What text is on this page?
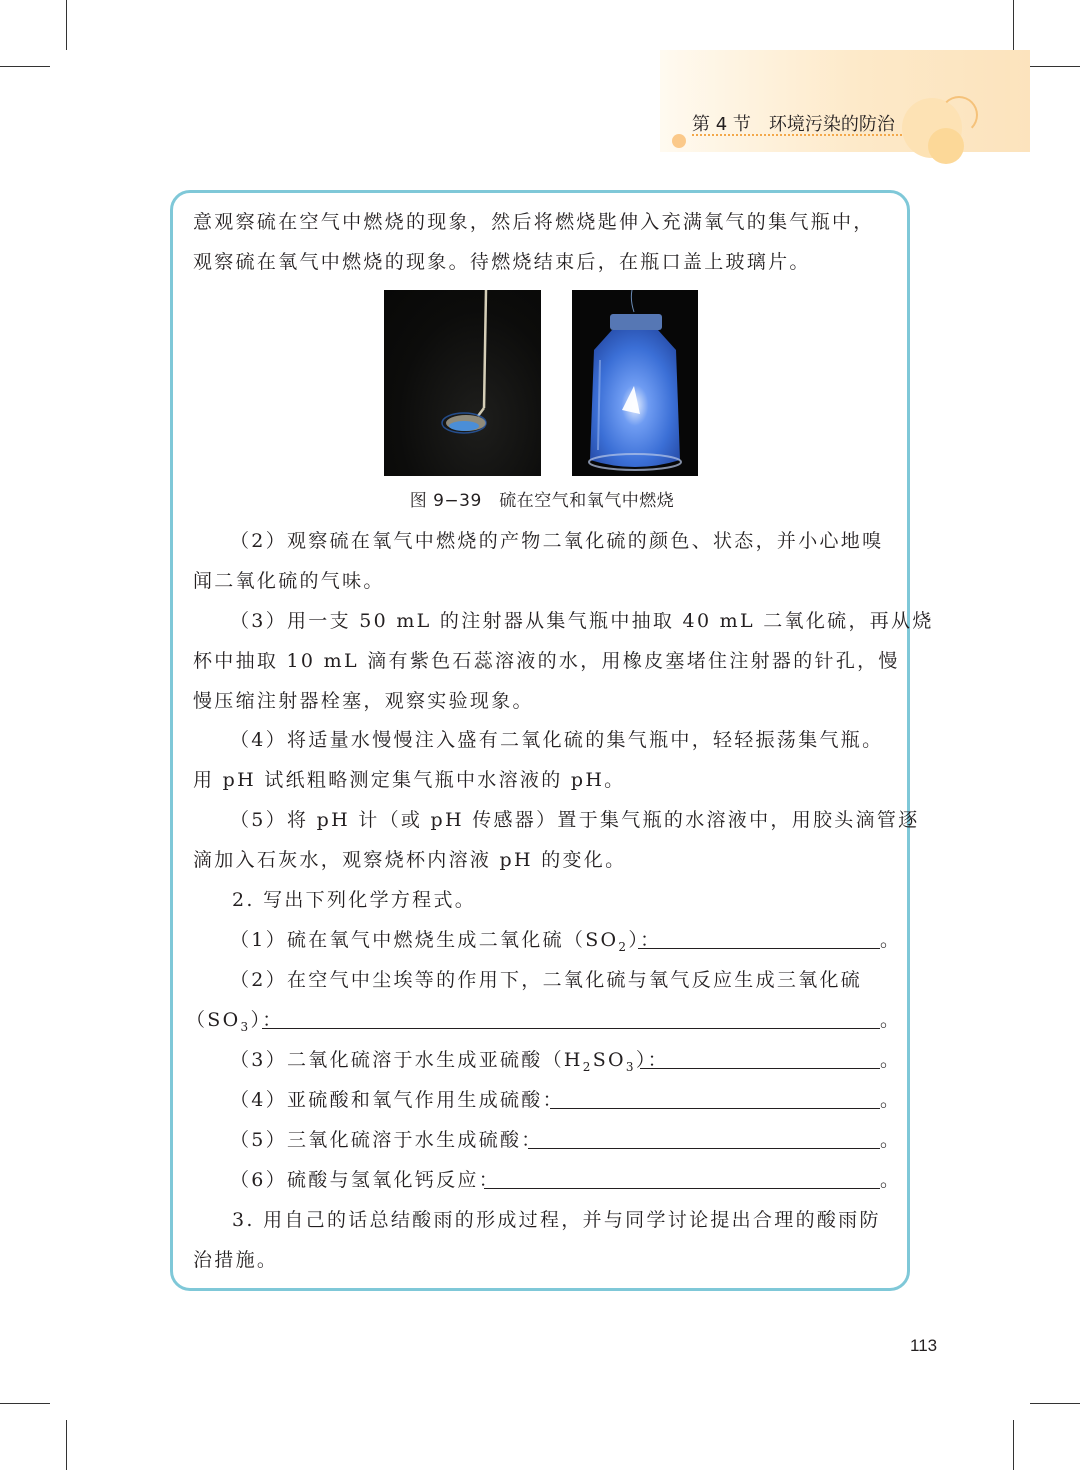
第 4 节 环境污染的防治
意观察硫在空气中燃烧的现象，然后将燃烧匙伸入充满氧气的集气瓶中，
观察硫在氧气中燃烧的现象。待燃烧结束后，在瓶口盖上玻璃片。
图 9−39　硫在空气和氧气中燃烧
（2）观察硫在氧气中燃烧的产物二氧化硫的颜色、状态，并小心地嗅
闻二氧化硫的气味。
（3）用一支 50 mL 的注射器从集气瓶中抽取 40 mL 二氧化硫，再从烧
杯中抽取 10 mL 滴有紫色石蕊溶液的水，用橡皮塞堵住注射器的针孔，慢
慢压缩注射器栓塞，观察实验现象。
（4）将适量水慢慢注入盛有二氧化硫的集气瓶中，轻轻振荡集气瓶。
用 pH 试纸粗略测定集气瓶中水溶液的 pH。
（5）将 pH 计（或 pH 传感器）置于集气瓶的水溶液中，用胶头滴管逐
滴加入石灰水，观察烧杯内溶液 pH 的变化。
2. 写出下列化学方程式。
（1）硫在氧气中燃烧生成二氧化硫$(SO_2)$：	。
（2）在空气中尘埃等的作用下，二氧化硫与氧气反应生成三氧化硫
$(SO_3)$：	。
（3）二氧化硫溶于水生成亚硫酸$(H_2SO_3)$：	。
（4）亚硫酸和氧气作用生成硫酸：	。
（5）三氧化硫溶于水生成硫酸：	。
（6）硫酸与氢氧化钙反应：	。
3. 用自己的话总结酸雨的形成过程，并与同学讨论提出合理的酸雨防
治措施。
113
